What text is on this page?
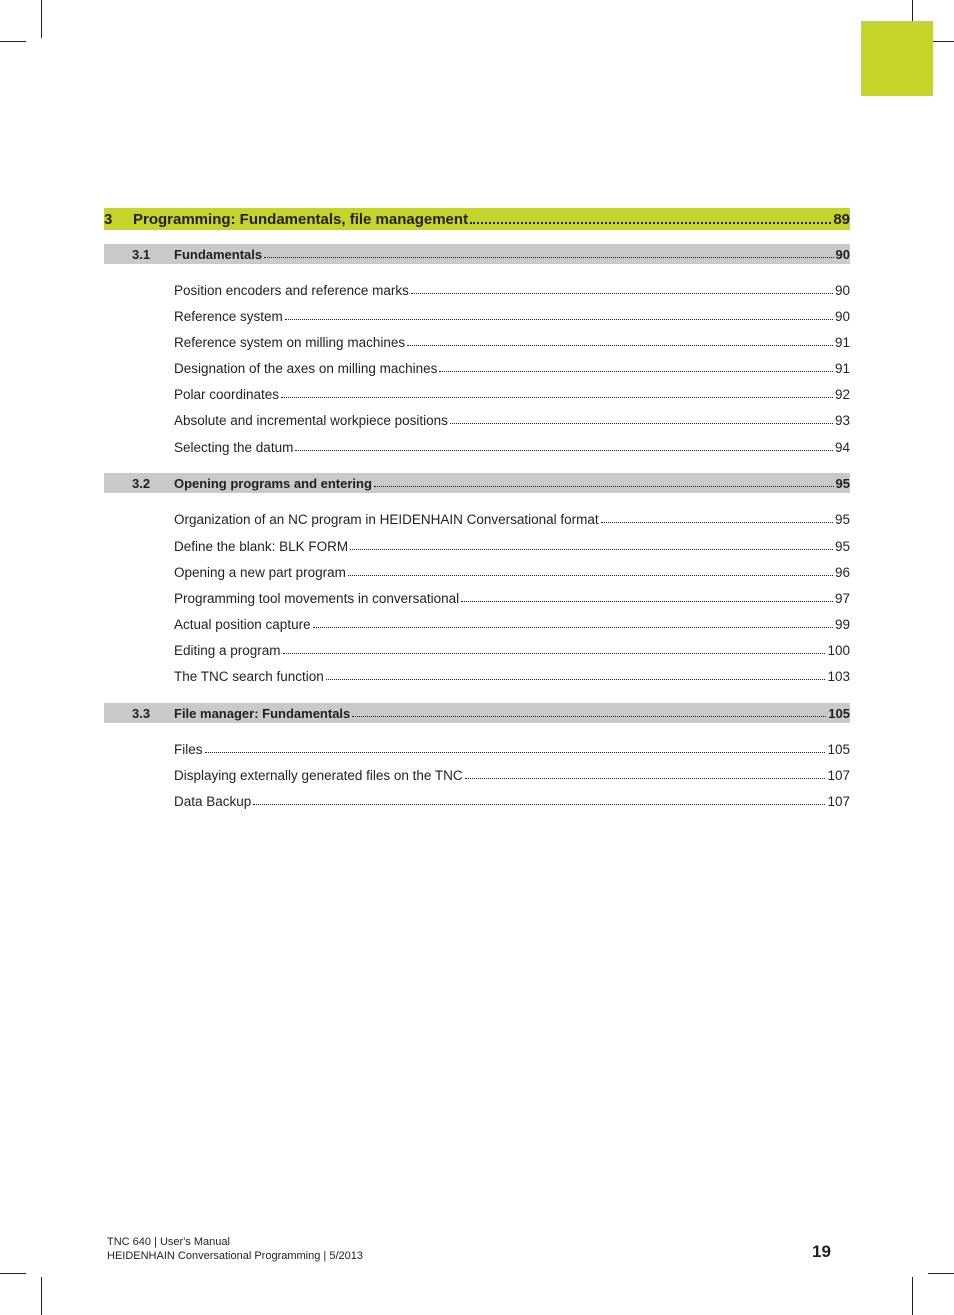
3	Programming: Fundamentals, file management	89
3.1	Fundamentals	90
Position encoders and reference marks	90
Reference system	90
Reference system on milling machines	91
Designation of the axes on milling machines	91
Polar coordinates	92
Absolute and incremental workpiece positions	93
Selecting the datum	94
3.2	Opening programs and entering	95
Organization of an NC program in HEIDENHAIN Conversational format	95
Define the blank: BLK FORM	95
Opening a new part program	96
Programming tool movements in conversational	97
Actual position capture	99
Editing a program	100
The TNC search function	103
3.3	File manager: Fundamentals	105
Files	105
Displaying externally generated files on the TNC	107
Data Backup	107
TNC 640 | User's Manual
HEIDENHAIN Conversational Programming | 5/2013	19
